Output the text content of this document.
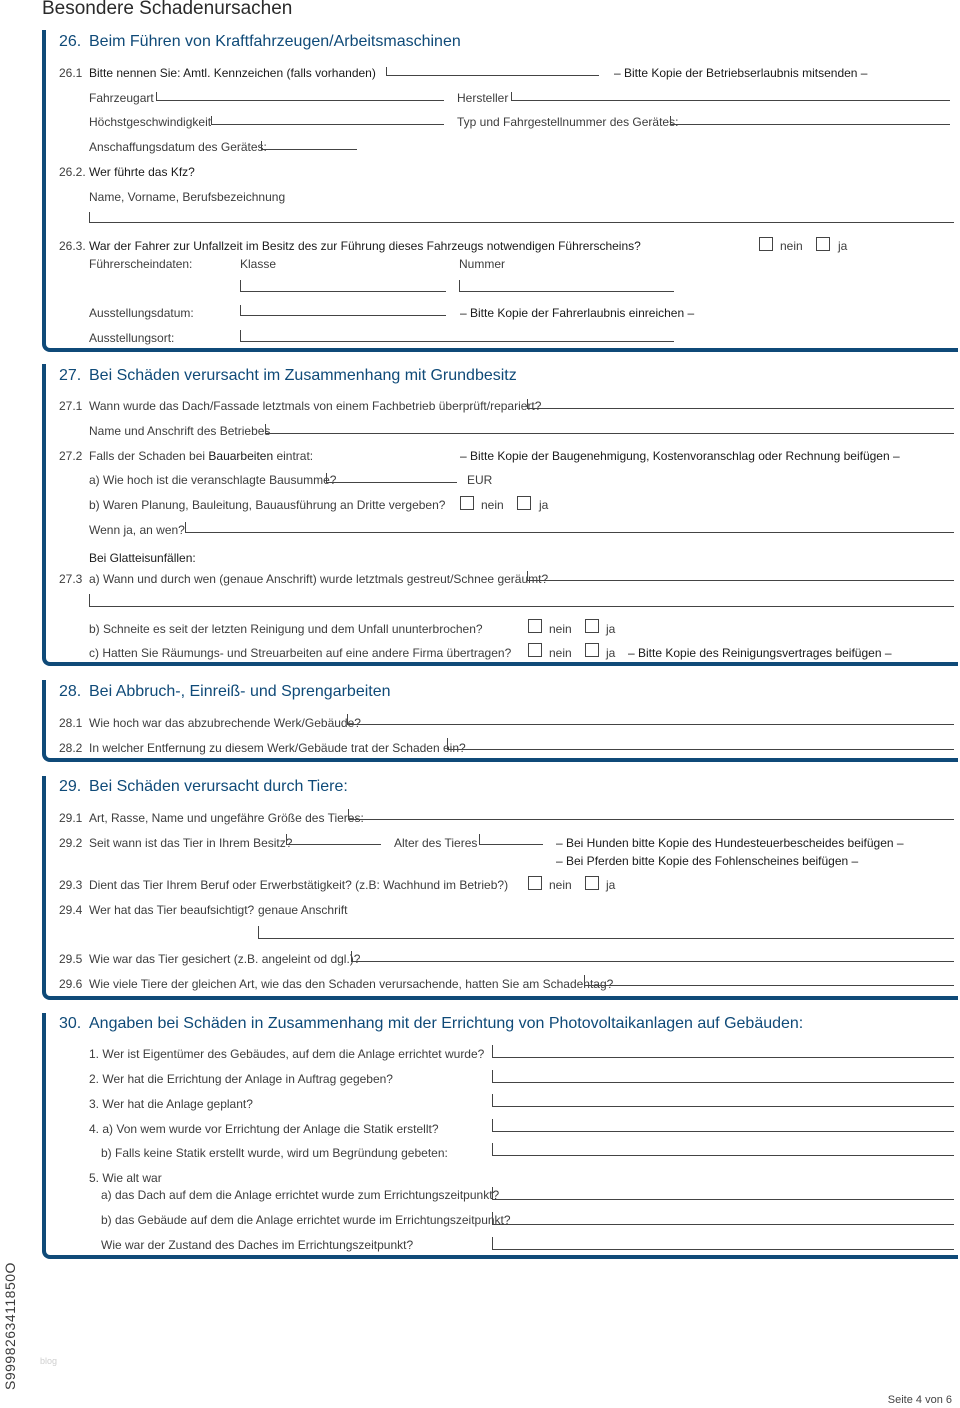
Besondere Schadenursachen
26. Beim Führen von Kraftfahrzeugen/Arbeitsmaschinen
26.1 Bitte nennen Sie: Amtl. Kennzeichen (falls vorhanden)	– Bitte Kopie der Betriebserlaubnis mitsenden –
Fahrzeugart	Hersteller
Höchstgeschwindigkeit	Typ und Fahrgestellnummer des Gerätes:
Anschaffungsdatum des Gerätes:
26.2. Wer führte das Kfz?
Name, Vorname, Berufsbezeichnung
26.3. War der Fahrer zur Unfallzeit im Besitz des zur Führung dieses Fahrzeugs notwendigen Führerscheins?	nein	ja
Führerscheindaten:	Klasse	Nummer
Ausstellungsdatum:	– Bitte Kopie der Fahrerlaubnis einreichen –
Ausstellungsort:
27. Bei Schäden verursacht im Zusammenhang mit Grundbesitz
27.1 Wann wurde das Dach/Fassade letztmals von einem Fachbetrieb überprüft/repariert?
Name und Anschrift des Betriebes
27.2 Falls der Schaden bei Bauarbeiten eintrat:	– Bitte Kopie der Baugenehmigung, Kostenvoranschlag oder Rechnung beifügen –
a) Wie hoch ist die veranschlagte Bausumme?	EUR
b) Waren Planung, Bauleitung, Bauausführung an Dritte vergeben?	nein	ja
Wenn ja, an wen?
Bei Glatteisunfällen:
27.3 a) Wann und durch wen (genaue Anschrift) wurde letztmals gestreut/Schnee geräumt?
b) Schneite es seit der letzten Reinigung und dem Unfall ununterbrochen?	nein	ja
c) Hatten Sie Räumungs- und Streuarbeiten auf eine andere Firma übertragen?	nein	ja – Bitte Kopie des Reinigungsvertrages beifügen –
28. Bei Abbruch-, Einreiß- und Sprengarbeiten
28.1 Wie hoch war das abzubrechende Werk/Gebäude?
28.2 In welcher Entfernung zu diesem Werk/Gebäude trat der Schaden ein?
29. Bei Schäden verursacht durch Tiere:
29.1 Art, Rasse, Name und ungefähre Größe des Tieres:
29.2 Seit wann ist das Tier in Ihrem Besitz?	Alter des Tieres	– Bei Hunden bitte Kopie des Hundesteuerbescheides beifügen –
– Bei Pferden bitte Kopie des Fohlenscheines beifügen –
29.3 Dient das Tier Ihrem Beruf oder Erwerbstätigkeit? (z.B: Wachhund im Betrieb?)	nein	ja
29.4 Wer hat das Tier beaufsichtigt? genaue Anschrift
29.5 Wie war das Tier gesichert (z.B. angeleint od dgl.)?
29.6 Wie viele Tiere der gleichen Art, wie das den Schaden verursachende, hatten Sie am Schadentag?
30. Angaben bei Schäden in Zusammenhang mit der Errichtung von Photovoltaikanlagen auf Gebäuden:
1. Wer ist Eigentümer des Gebäudes, auf dem die Anlage errichtet wurde?
2. Wer hat die Errichtung der Anlage in Auftrag gegeben?
3. Wer hat die Anlage geplant?
4. a) Von wem wurde vor Errichtung der Anlage die Statik erstellt?
b) Falls keine Statik erstellt wurde, wird um Begründung gebeten:
5. Wie alt war
a) das Dach auf dem die Anlage errichtet wurde zum Errichtungszeitpunkt?
b) das Gebäude auf dem die Anlage errichtet wurde im Errichtungszeitpunkt?
Wie war der Zustand des Daches im Errichtungszeitpunkt?
S9998263411850O blog
Seite 4 von 6
